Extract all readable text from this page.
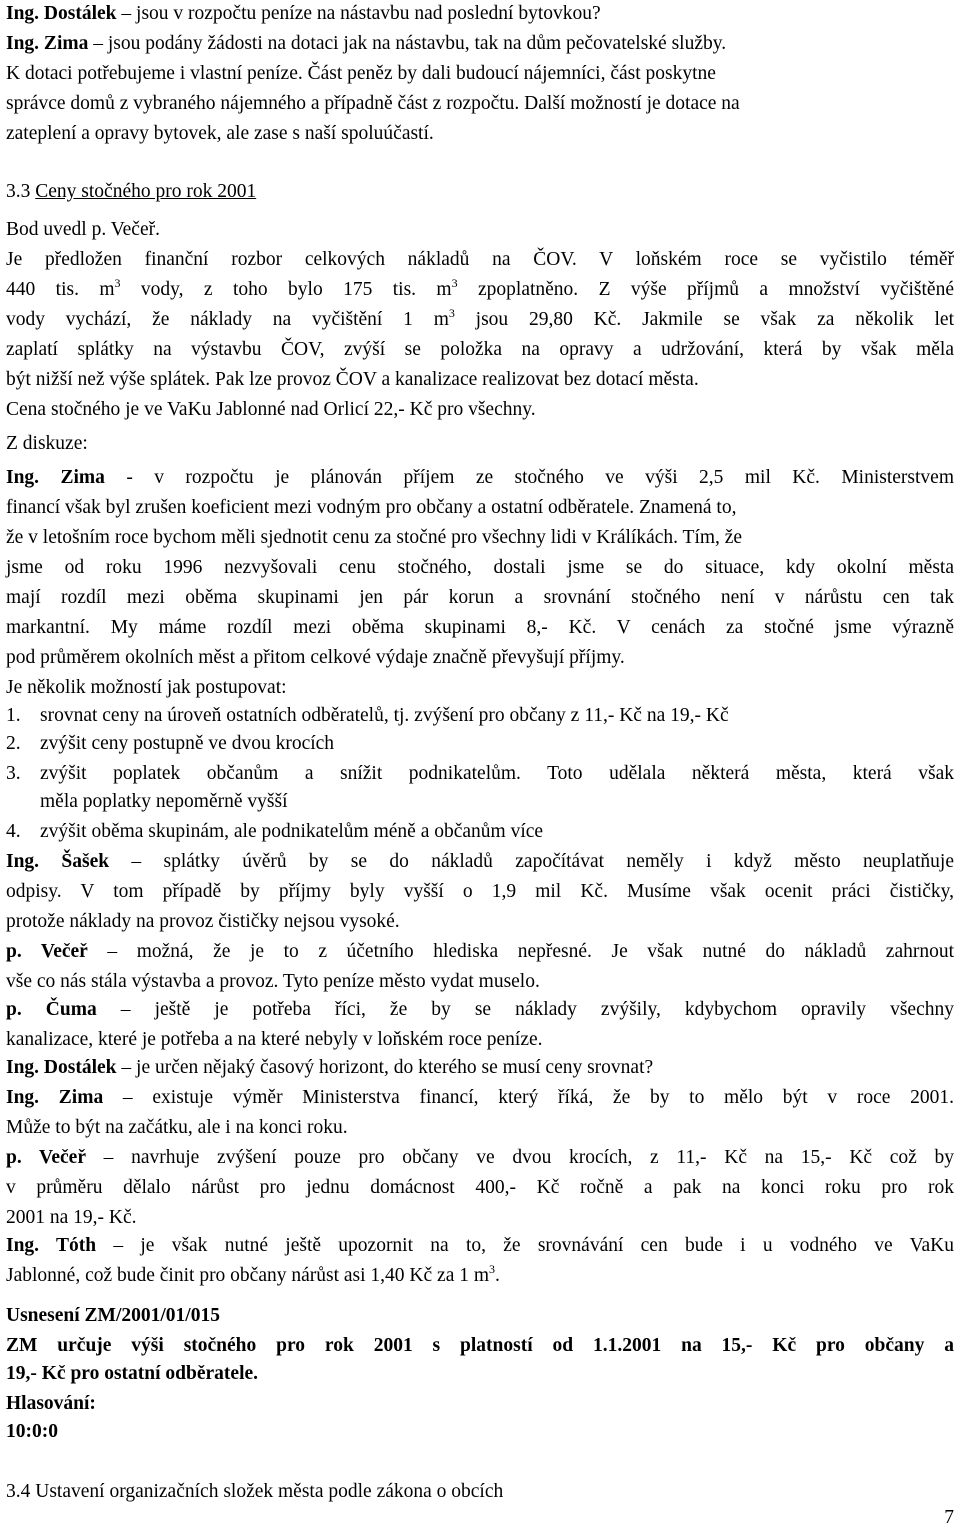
Ing. Dostálek – jsou v rozpočtu peníze na nástavbu nad poslední bytovkou?
Ing. Zima – jsou podány žádosti na dotaci jak na nástavbu, tak na dům pečovatelské služby.
K dotaci potřebujeme i vlastní peníze. Část peněz by dali budoucí nájemníci, část poskytne
správce domů z vybraného nájemného a případně část z rozpočtu. Další možností je dotace na
zateplení a opravy bytovek, ale zase s naší spoluúčastí.
3.3 Ceny stočného pro rok 2001
Bod uvedl p. Večeř.
Je předložen finanční rozbor celkových nákladů na ČOV. V loňském roce se vyčistilo téměř
440 tis. $m^3$ vody, z toho bylo 175 tis. $m^3$ zpoplatněno. Z výše příjmů a množství vyčištěné
vody vychází, že náklady na vyčištění 1 $m^3$ jsou 29,80 Kč. Jakmile se však za několik let
zaplatí splátky na výstavbu ČOV, zvýší se položka na opravy a udržování, která by však měla
být nižší než výše splátek. Pak lze provoz ČOV a kanalizace realizovat bez dotací města.
Cena stočného je ve VaKu Jablonné nad Orlicí 22,- Kč pro všechny.
Z diskuze:
Ing. Zima - v rozpočtu je plánován příjem ze stočného ve výši 2,5 mil Kč. Ministerstvem
financí však byl zrušen koeficient mezi vodným pro občany a ostatní odběratele. Znamená to,
že v letošním roce bychom měli sjednotit cenu za stočné pro všechny lidi v Králíkách. Tím, že
jsme od roku 1996 nezvyšovali cenu stočného, dostali jsme se do situace, kdy okolní města
mají rozdíl mezi oběma skupinami jen pár korun a srovnání stočného není v nárůstu cen tak
markantní. My máme rozdíl mezi oběma skupinami 8,- Kč. V cenách za stočné jsme výrazně
pod průměrem okolních měst a přitom celkové výdaje značně převyšují příjmy.
Je několik možností jak postupovat:
1. srovnat ceny na úroveň ostatních odběratelů, tj. zvýšení pro občany z 11,- Kč na 19,- Kč
2. zvýšit ceny postupně ve dvou krocích
3. zvýšit poplatek občanům a snížit podnikatelům. Toto udělala některá města, která však
měla poplatky nepoměrně vyšší
4. zvýšit oběma skupinám, ale podnikatelům méně a občanům více
Ing. Šašek – splátky úvěrů by se do nákladů započítávat neměly i když město neuplatňuje
odpisy. V tom případě by příjmy byly vyšší o 1,9 mil Kč. Musíme však ocenit práci čističky,
protože náklady na provoz čističky nejsou vysoké.
p. Večeř – možná, že je to z účetního hlediska nepřesné. Je však nutné do nákladů zahrnout
vše co nás stála výstavba a provoz. Tyto peníze město vydat muselo.
p. Čuma – ještě je potřeba říci, že by se náklady zvýšily, kdybychom opravily všechny
kanalizace, které je potřeba a na které nebyly v loňském roce peníze.
Ing. Dostálek – je určen nějaký časový horizont, do kterého se musí ceny srovnat?
Ing. Zima – existuje výměr Ministerstva financí, který říká, že by to mělo být v roce 2001.
Může to být na začátku, ale i na konci roku.
p. Večeř – navrhuje zvýšení pouze pro občany ve dvou krocích, z 11,- Kč na 15,- Kč což by
v průměru dělalo nárůst pro jednu domácnost 400,- Kč ročně a pak na konci roku pro rok
2001 na 19,- Kč.
Ing. Tóth – je však nutné ještě upozornit na to, že srovnávání cen bude i u vodného ve VaKu
Jablonné, což bude činit pro občany nárůst asi 1,40 Kč za 1 $m^3$.
Usnesení ZM/2001/01/015
ZM určuje výši stočného pro rok 2001 s platností od 1.1.2001 na 15,- Kč pro občany a
19,- Kč pro ostatní odběratele.
Hlasování:
10:0:0
3.4 Ustavení organizačních složek města podle zákona o obcích
7
